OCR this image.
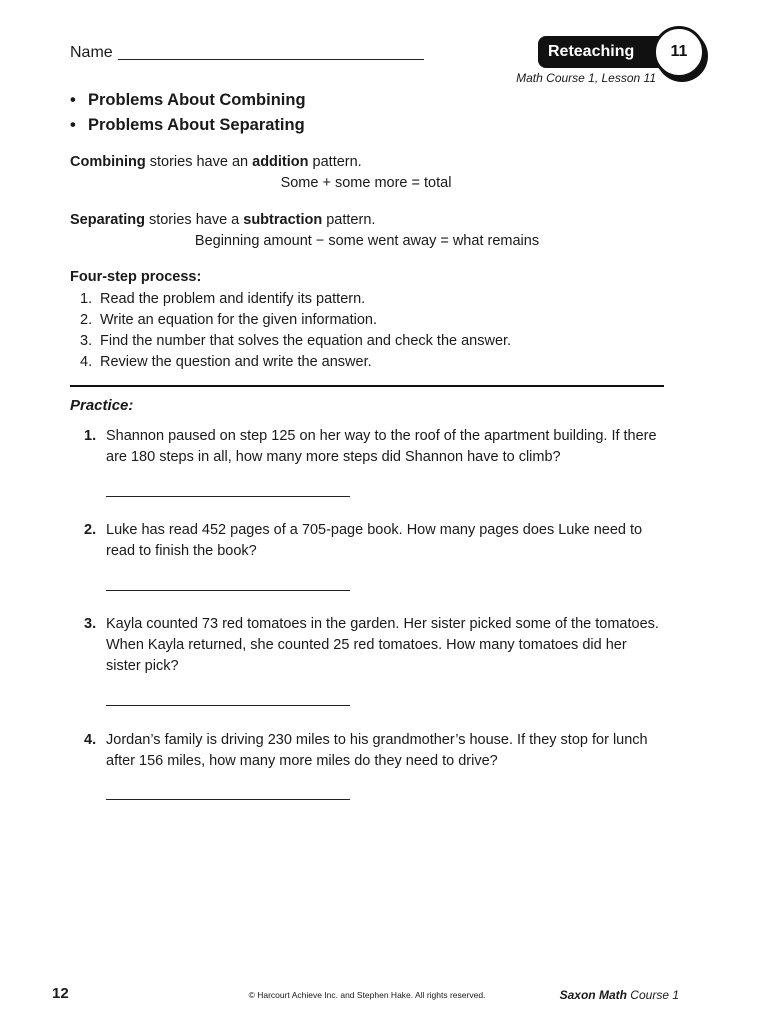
Name	Reteaching	11
Math Course 1, Lesson 11
• Problems About Combining
• Problems About Separating
Combining stories have an addition pattern.
Some + some more = total
Separating stories have a subtraction pattern.
Beginning amount − some went away = what remains
Four-step process:
1. Read the problem and identify its pattern.
2. Write an equation for the given information.
3. Find the number that solves the equation and check the answer.
4. Review the question and write the answer.
Practice:
1. Shannon paused on step 125 on her way to the roof of the apartment building. If there are 180 steps in all, how many more steps did Shannon have to climb?
2. Luke has read 452 pages of a 705-page book. How many pages does Luke need to read to finish the book?
3. Kayla counted 73 red tomatoes in the garden. Her sister picked some of the tomatoes. When Kayla returned, she counted 25 red tomatoes. How many tomatoes did her sister pick?
4. Jordan’s family is driving 230 miles to his grandmother’s house. If they stop for lunch after 156 miles, how many more miles do they need to drive?
12	© Harcourt Achieve Inc. and Stephen Hake. All rights reserved.	Saxon Math Course 1
